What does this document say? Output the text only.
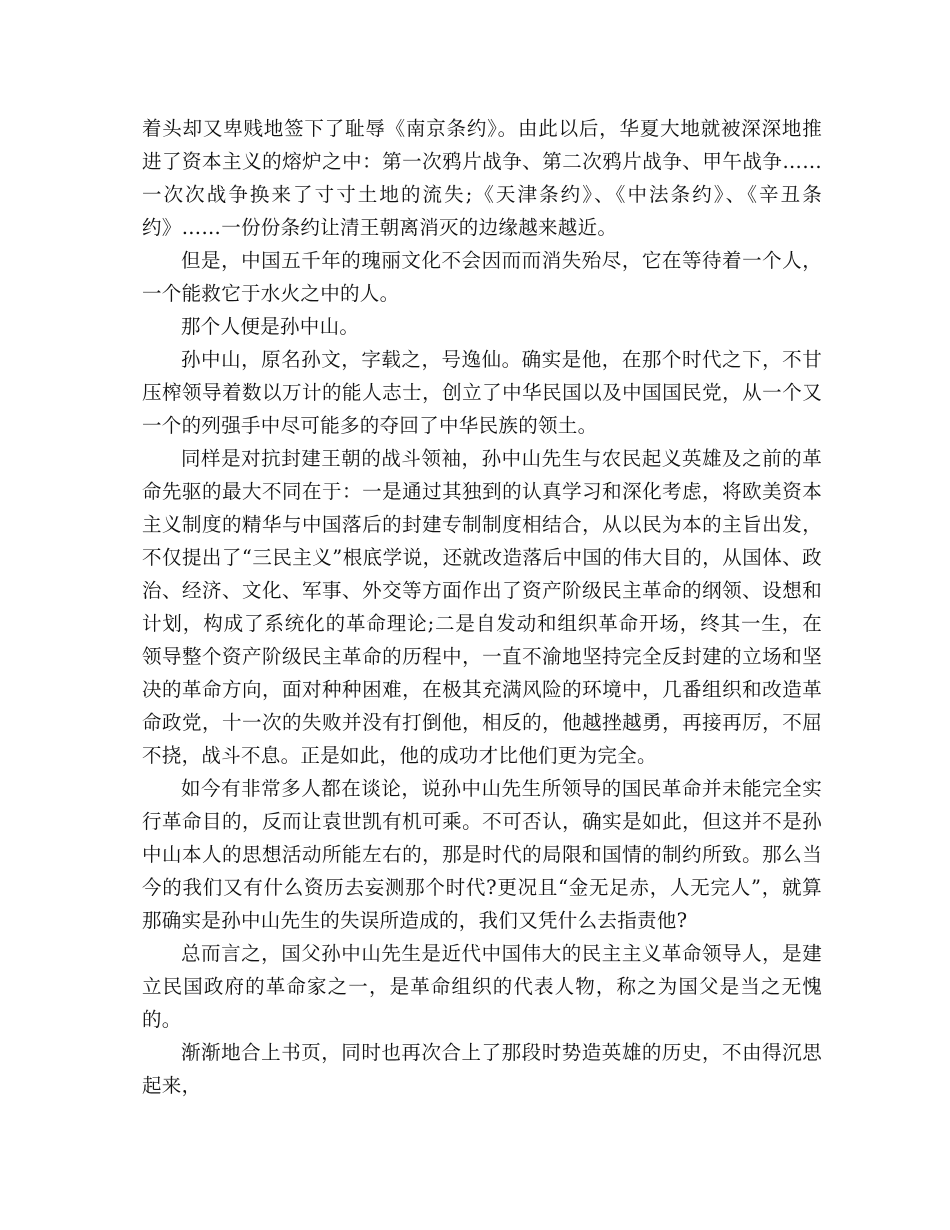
着头却又卑贱地签下了耻辱《南京条约》。由此以后，华夏大地就被深深地推进了资本主义的熔炉之中：第一次鸦片战争、第二次鸦片战争、甲午战争……一次次战争换来了寸寸土地的流失;《天津条约》、《中法条约》、《辛丑条约》……一份份条约让清王朝离消灭的边缘越来越近。

但是，中国五千年的瑰丽文化不会因而而消失殆尽，它在等待着一个人，一个能救它于水火之中的人。

那个人便是孙中山。

孙中山，原名孙文，字载之，号逸仙。确实是他，在那个时代之下，不甘压榨领导着数以万计的能人志士，创立了中华民国以及中国国民党，从一个又一个的列强手中尽可能多的夺回了中华民族的领土。

同样是对抗封建王朝的战斗领袖，孙中山先生与农民起义英雄及之前的革命先驱的最大不同在于：一是通过其独到的认真学习和深化考虑，将欧美资本主义制度的精华与中国落后的封建专制制度相结合，从以民为本的主旨出发，不仅提出了“三民主义”根底学说，还就改造落后中国的伟大目的，从国体、政治、经济、文化、军事、外交等方面作出了资产阶级民主革命的纲领、设想和计划，构成了系统化的革命理论;二是自发动和组织革命开场，终其一生，在领导整个资产阶级民主革命的历程中，一直不渝地坚持完全反封建的立场和坚决的革命方向，面对种种困难，在极其充满风险的环境中，几番组织和改造革命政党，十一次的失败并没有打倒他，相反的，他越挫越勇，再接再厉，不屈不挠，战斗不息。正是如此，他的成功才比他们更为完全。

如今有非常多人都在谈论，说孙中山先生所领导的国民革命并未能完全实行革命目的，反而让袁世凯有机可乘。不可否认，确实是如此，但这并不是孙中山本人的思想活动所能左右的，那是时代的局限和国情的制约所致。那么当今的我们又有什么资历去妄测那个时代?更况且“金无足赤，人无完人”，就算那确实是孙中山先生的失误所造成的，我们又凭什么去指责他?

总而言之，国父孙中山先生是近代中国伟大的民主主义革命领导人，是建立民国政府的革命家之一，是革命组织的代表人物，称之为国父是当之无愧的。

渐渐地合上书页，同时也再次合上了那段时势造英雄的历史，不由得沉思起来，
